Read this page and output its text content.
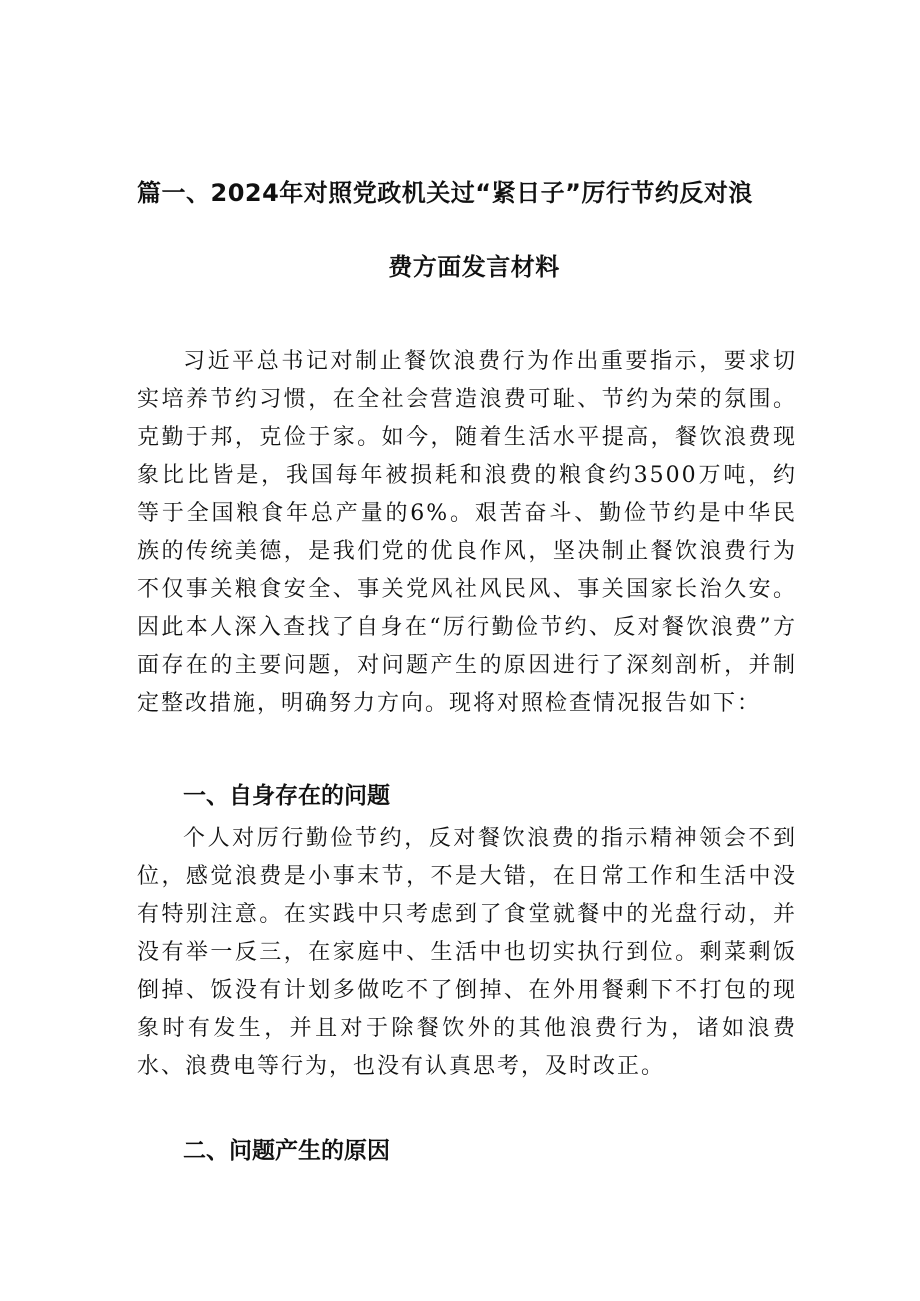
篇一、2024年对照党政机关过“紧日子”厉行节约反对浪
费方面发言材料

习近平总书记对制止餐饮浪费行为作出重要指示，要求切实培养节约习惯，在全社会营造浪费可耻、节约为荣的氛围。克勤于邦，克俭于家。如今，随着生活水平提高，餐饮浪费现象比比皆是，我国每年被损耗和浪费的粮食约3500万吨，约等于全国粮食年总产量的6%。艰苦奋斗、勤俭节约是中华民族的传统美德，是我们党的优良作风，坚决制止餐饮浪费行为不仅事关粮食安全、事关党风社风民风、事关国家长治久安。因此本人深入查找了自身在“厉行勤俭节约、反对餐饮浪费”方面存在的主要问题，对问题产生的原因进行了深刻剖析，并制定整改措施，明确努力方向。现将对照检查情况报告如下：

一、自身存在的问题

个人对厉行勤俭节约，反对餐饮浪费的指示精神领会不到位，感觉浪费是小事末节，不是大错，在日常工作和生活中没有特别注意。在实践中只考虑到了食堂就餐中的光盘行动，并没有举一反三，在家庭中、生活中也切实执行到位。剩菜剩饭倒掉、饭没有计划多做吃不了倒掉、在外用餐剩下不打包的现象时有发生，并且对于除餐饮外的其他浪费行为，诸如浪费水、浪费电等行为，也没有认真思考，及时改正。

二、问题产生的原因
